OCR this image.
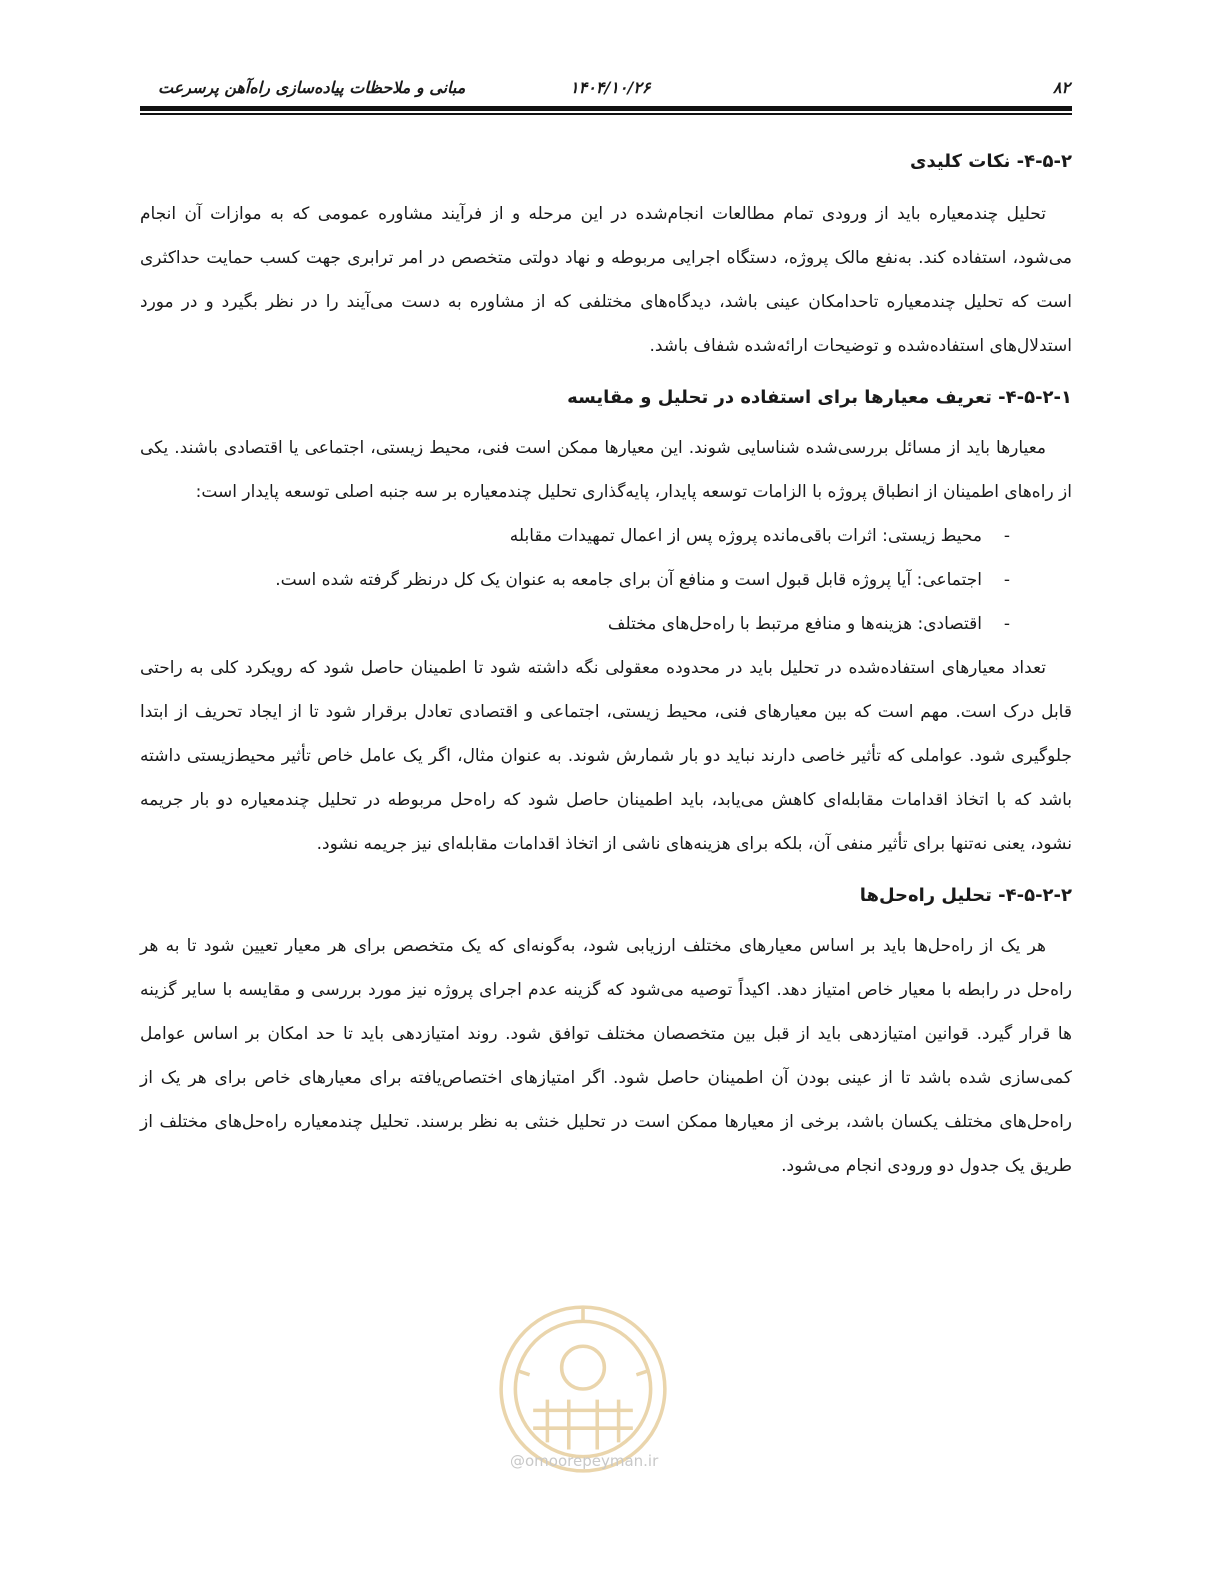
۸۲
۱۴۰۴/۱۰/۲۶
مبانی و ملاحظات پیاده‌سازی راه‌آهن پرسرعت
۴-۵-۲- نکات کلیدی

تحلیل چندمعیاره باید از ورودی تمام مطالعات انجام‌شده در این مرحله و از فرآیند مشاوره عمومی که به موازات آن انجام می‌شود، استفاده کند. به‌نفع مالک پروژه، دستگاه اجرایی مربوطه و نهاد دولتی متخصص در امر ترابری جهت کسب حمایت حداکثری است که تحلیل چندمعیاره تاحدامکان عینی باشد، دیدگاه‌های مختلفی که از مشاوره به دست می‌آیند را در نظر بگیرد و در مورد استدلال‌های استفاده‌شده و توضیحات ارائه‌شده شفاف باشد.

۴-۵-۲-۱- تعریف معیارها برای استفاده در تحلیل و مقایسه

معیارها باید از مسائل بررسی‌شده شناسایی شوند. این معیارها ممکن است فنی، محیط زیستی، اجتماعی یا اقتصادی باشند. یکی از راه‌های اطمینان از انطباق پروژه با الزامات توسعه پایدار، پایه‌گذاری تحلیل چندمعیاره بر سه جنبه اصلی توسعه پایدار است:

- محیط زیستی: اثرات باقی‌مانده پروژه پس از اعمال تمهیدات مقابله
- اجتماعی: آیا پروژه قابل قبول است و منافع آن برای جامعه به عنوان یک کل درنظر گرفته شده است.
- اقتصادی: هزینه‌ها و منافع مرتبط با راه‌حل‌های مختلف

تعداد معیارهای استفاده‌شده در تحلیل باید در محدوده معقولی نگه داشته شود تا اطمینان حاصل شود که رویکرد کلی به راحتی قابل درک است. مهم است که بین معیارهای فنی، محیط زیستی، اجتماعی و اقتصادی تعادل برقرار شود تا از ایجاد تحریف از ابتدا جلوگیری شود. عواملی که تأثیر خاصی دارند نباید دو بار شمارش شوند. به عنوان مثال، اگر یک عامل خاص تأثیر محیط‌زیستی داشته باشد که با اتخاذ اقدامات مقابله‌ای کاهش می‌یابد، باید اطمینان حاصل شود که راه‌حل مربوطه در تحلیل چندمعیاره دو بار جریمه نشود، یعنی نه‌تنها برای تأثیر منفی آن، بلکه برای هزینه‌های ناشی از اتخاذ اقدامات مقابله‌ای نیز جریمه نشود.

۴-۵-۲-۲- تحلیل راه‌حل‌ها

هر یک از راه‌حل‌ها باید بر اساس معیارهای مختلف ارزیابی شود، به‌گونه‌ای که یک متخصص برای هر معیار تعیین شود تا به هر راه‌حل در رابطه با معیار خاص امتیاز دهد. اکیداً توصیه می‌شود که گزینه عدم اجرای پروژه نیز مورد بررسی و مقایسه با سایر گزینه ها قرار گیرد. قوانین امتیازدهی باید از قبل بین متخصصان مختلف توافق شود. روند امتیازدهی باید تا حد امکان بر اساس عوامل کمی‌سازی شده باشد تا از عینی بودن آن اطمینان حاصل شود. اگر امتیازهای اختصاص‌یافته برای معیارهای خاص برای هر یک از راه‌حل‌های مختلف یکسان باشد، برخی از معیارها ممکن است در تحلیل خنثی به نظر برسند. تحلیل چندمعیاره راه‌حل‌های مختلف از طریق یک جدول دو ورودی انجام می‌شود.

@omoorepeyman.ir
